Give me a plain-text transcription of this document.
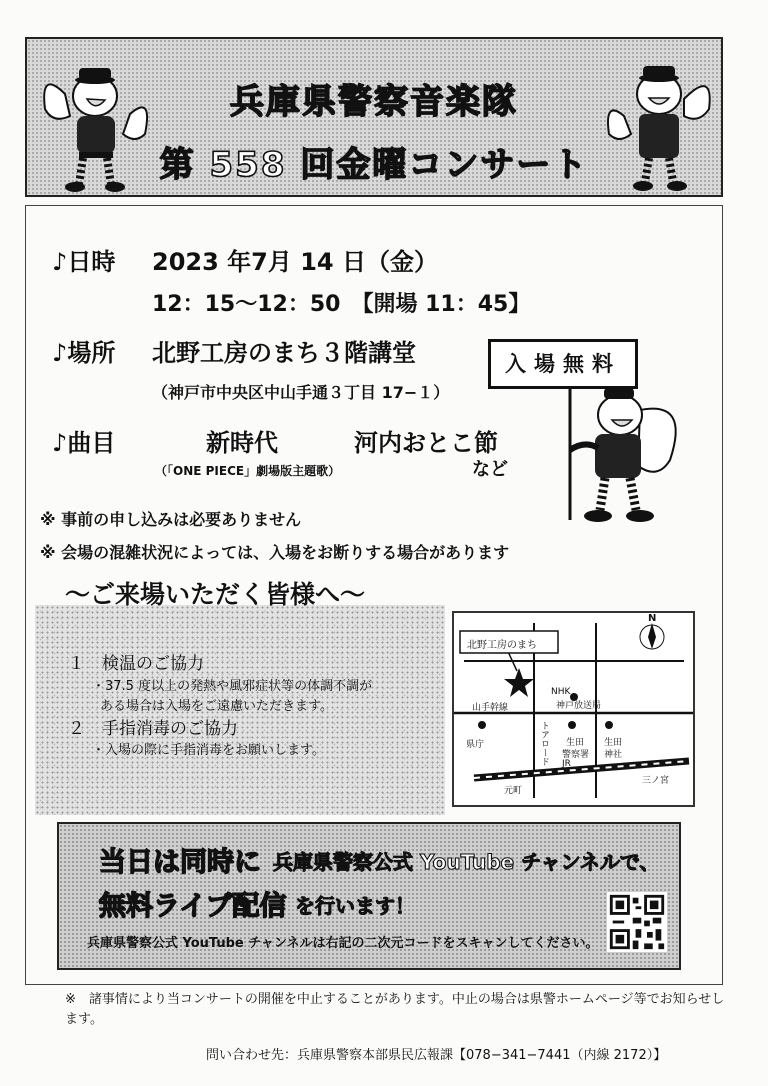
兵庫県警察音楽隊
第 558 回金曜コンサート
♪日時 2023 年7月 14 日（金）
12：15〜12：50　【開場 11：45】
♪場所 北野工房のまち３階講堂
（神戸市中央区中山手通３丁目 17−１）
♪曲目	新時代	河内おとこ節
（「ONE PIECE」劇場版主題歌）	など
入場無料
※ 事前の申し込みは必要ありません
※ 会場の混雑状況によっては、入場をお断りする場合があります
〜ご来場いただく皆様へ〜
１　検温のご協力
・37.5 度以上の発熱や風邪症状等の体調不調が
ある場合は入場をご遠慮いただきます。
２　手指消毒のご協力
・入場の際に手指消毒をお願いします。
北野工房のまち
山手幹線
NHK
神戸放送局
県庁	トアロード 生田
警察署
生田
神社
JR
元町
三ノ宮
N
当日は同時に 兵庫県警察公式 YouTube チャンネルで、
無料ライブ配信 を行います！
兵庫県警察公式 YouTube チャンネルは右記の二次元コードをスキャンしてください。
※　諸事情により当コンサートの開催を中止することがあります。中止の場合は県警ホームページ等でお知らせします。
問い合わせ先：兵庫県警察本部県民広報課【078−341−7441（内線 2172）】
